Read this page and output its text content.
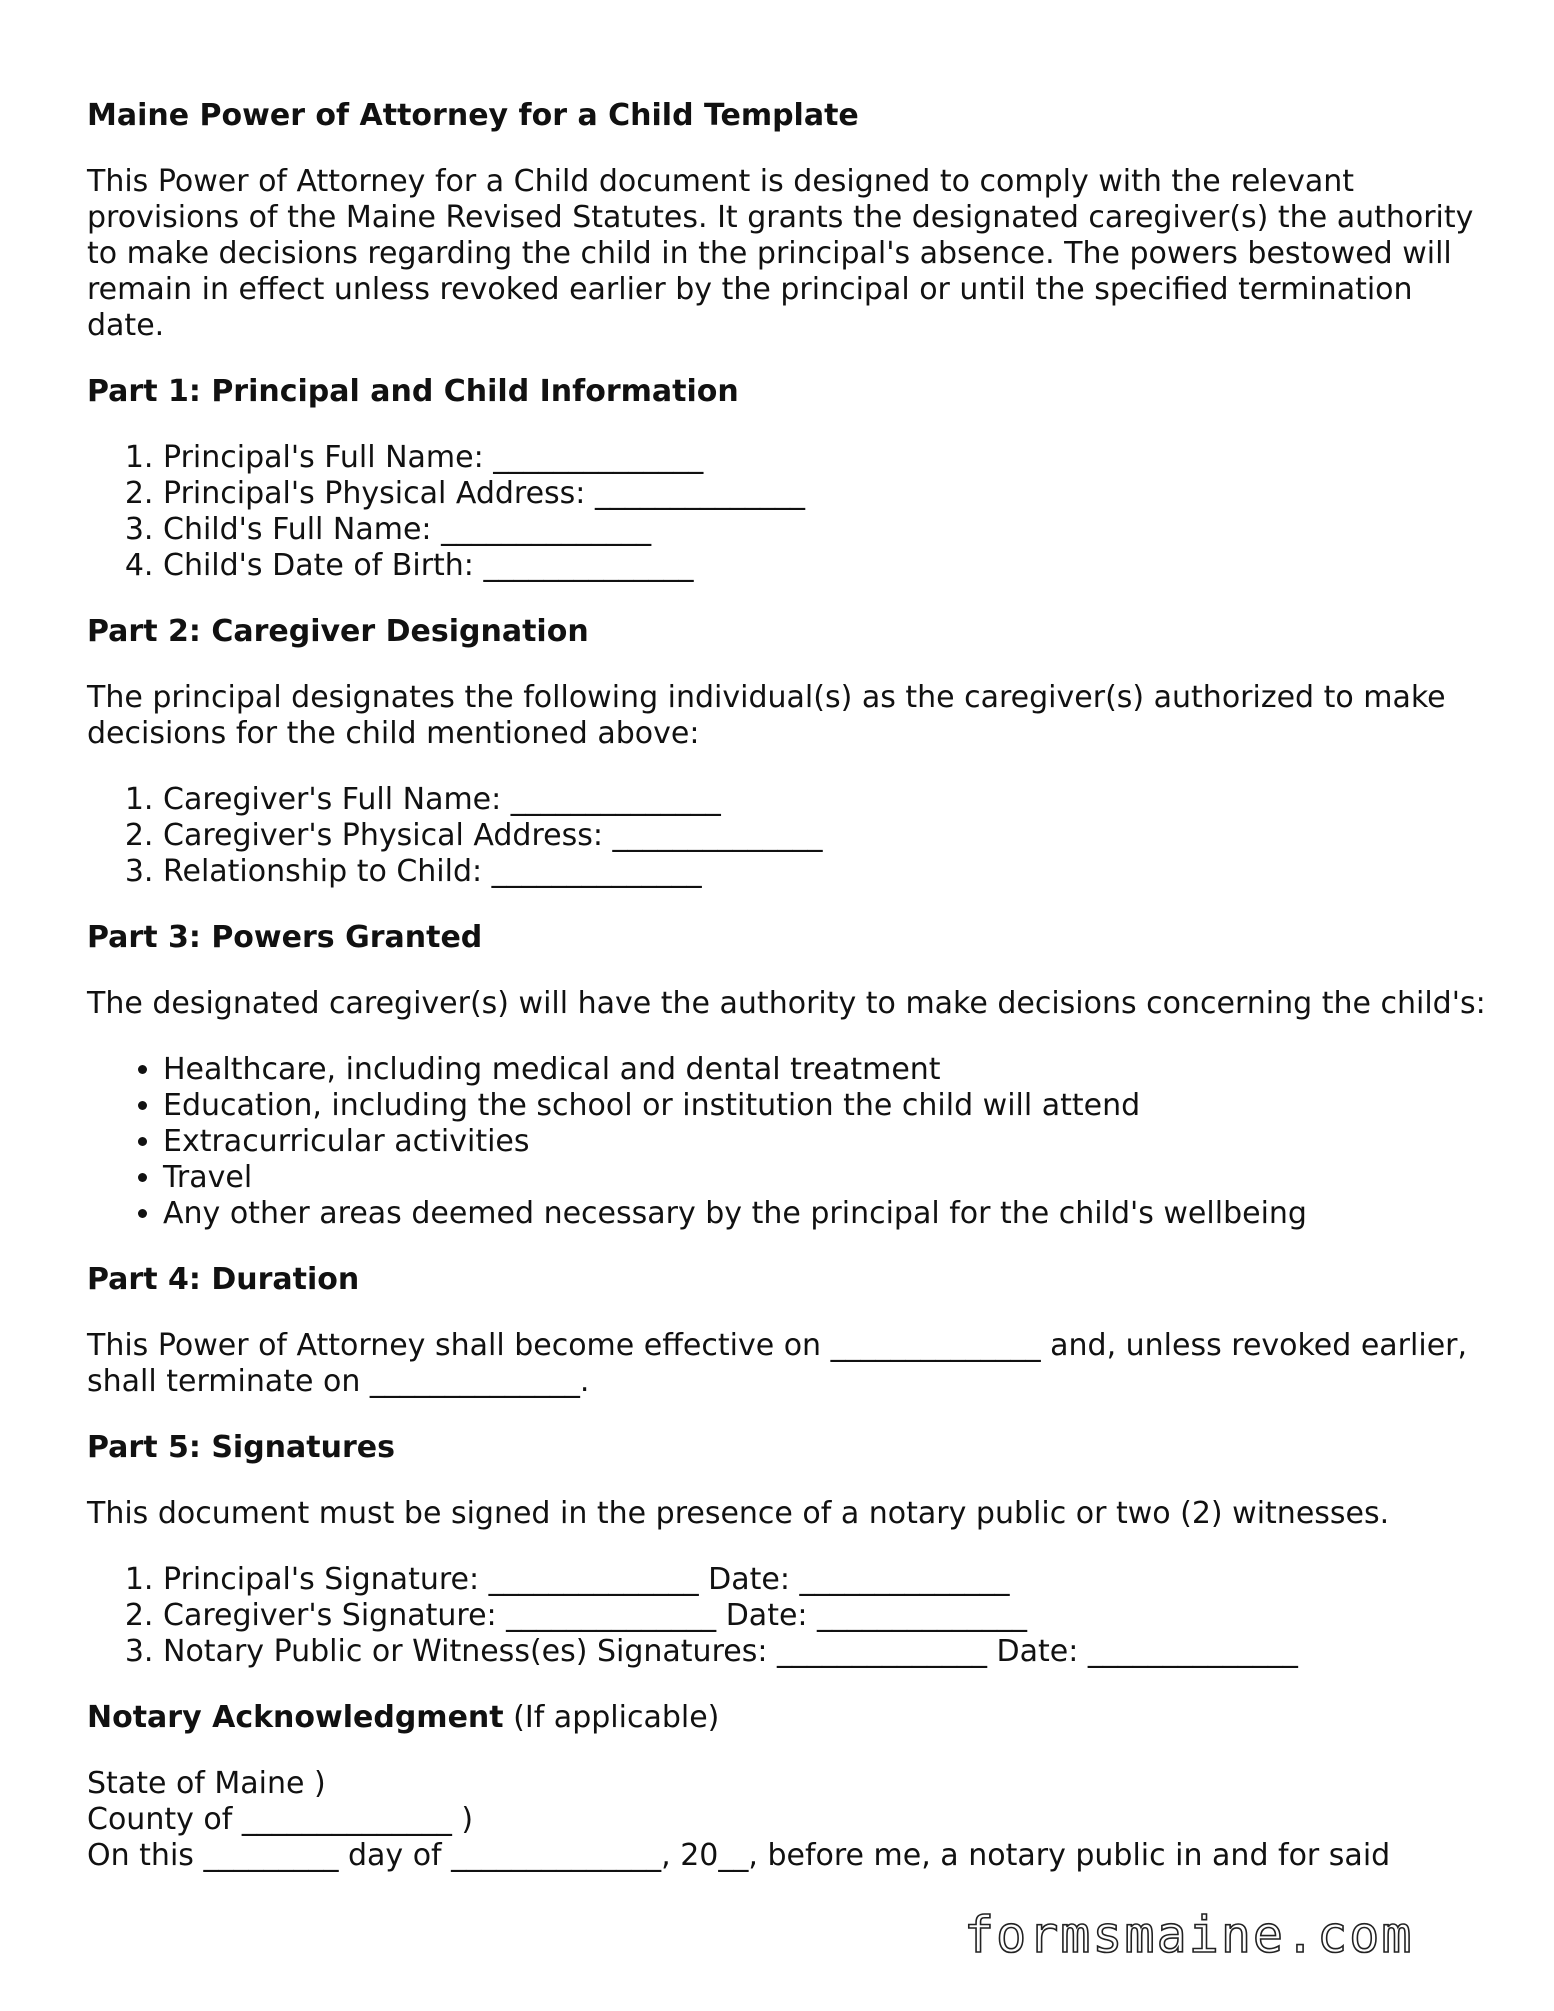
Maine Power of Attorney for a Child Template

This Power of Attorney for a Child document is designed to comply with the relevant provisions of the Maine Revised Statutes. It grants the designated caregiver(s) the authority to make decisions regarding the child in the principal's absence. The powers bestowed will remain in effect unless revoked earlier by the principal or until the specified termination date.

Part 1: Principal and Child Information
1. Principal's Full Name: ______________
2. Principal's Physical Address: ______________
3. Child's Full Name: ______________
4. Child's Date of Birth: ______________
Part 2: Caregiver Designation

The principal designates the following individual(s) as the caregiver(s) authorized to make decisions for the child mentioned above:

1. Caregiver's Full Name: ______________
2. Caregiver's Physical Address: ______________
3. Relationship to Child: ______________
Part 3: Powers Granted

The designated caregiver(s) will have the authority to make decisions concerning the child's:

• Healthcare, including medical and dental treatment
• Education, including the school or institution the child will attend
• Extracurricular activities
• Travel
• Any other areas deemed necessary by the principal for the child's wellbeing
Part 4: Duration

This Power of Attorney shall become effective on ______________ and, unless revoked earlier, shall terminate on ______________.

Part 5: Signatures

This document must be signed in the presence of a notary public or two (2) witnesses.

1. Principal's Signature: ______________ Date: ______________
2. Caregiver's Signature: ______________ Date: ______________
3. Notary Public or Witness(es) Signatures: ______________ Date: ______________

Notary Acknowledgment (If applicable)

State of Maine )
County of ______________ )
On this _________ day of ______________, 20__, before me, a notary public in and for said
formsmaine.com
